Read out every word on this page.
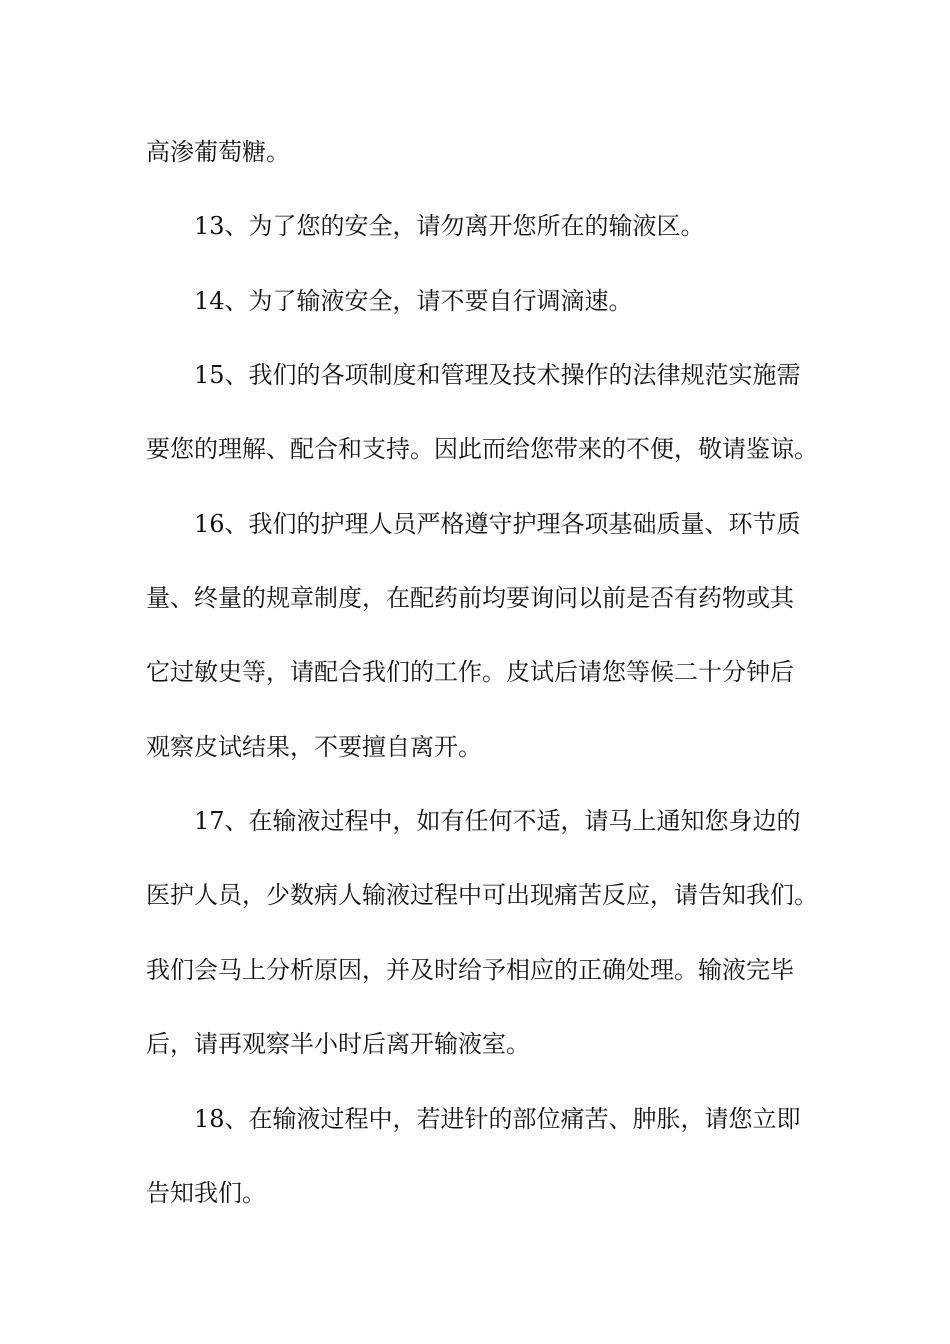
高渗葡萄糖。

13、为了您的安全，请勿离开您所在的输液区。

14、为了输液安全，请不要自行调滴速。

15、我们的各项制度和管理及技术操作的法律规范实施需

要您的理解、配合和支持。因此而给您带来的不便，敬请鉴谅。

16、我们的护理人员严格遵守护理各项基础质量、环节质

量、终量的规章制度，在配药前均要询问以前是否有药物或其

它过敏史等，请配合我们的工作。皮试后请您等候二十分钟后

观察皮试结果，不要擅自离开。

17、在输液过程中，如有任何不适，请马上通知您身边的

医护人员，少数病人输液过程中可出现痛苦反应，请告知我们。

我们会马上分析原因，并及时给予相应的正确处理。输液完毕

后，请再观察半小时后离开输液室。

18、在输液过程中，若进针的部位痛苦、肿胀，请您立即

告知我们。
